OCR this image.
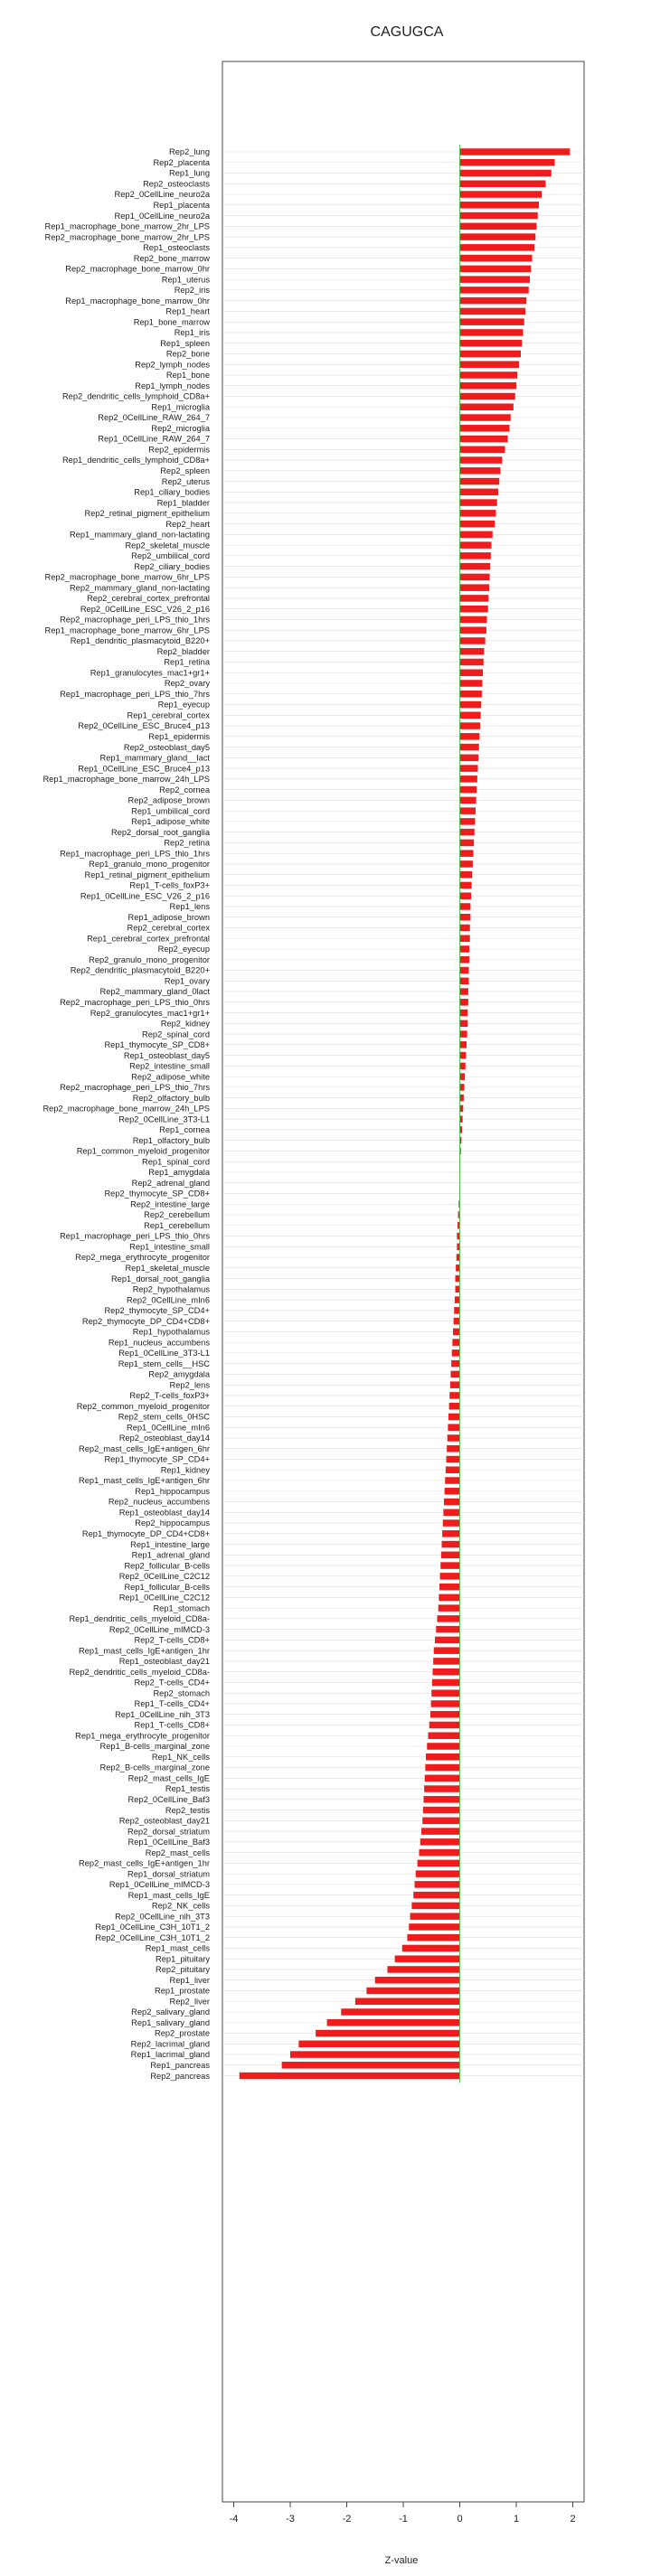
CAGUGCA
Rep2_lung
Rep2_placenta
Rep1_lung
Rep2_osteoclasts
Rep2_0CellLine_neuro2a
Rep1_placenta
Rep1_0CellLine_neuro2a
Rep1_macrophage_bone_marrow_2hr_LPS
Rep2_macrophage_bone_marrow_2hr_LPS
Rep1_osteoclasts
Rep2_bone_marrow
Rep2_macrophage_bone_marrow_0hr
Rep1_uterus
Rep2_iris
Rep1_macrophage_bone_marrow_0hr
Rep1_heart
Rep1_bone_marrow
Rep1_iris
Rep1_spleen
Rep2_bone
Rep2_lymph_nodes
Rep1_bone
Rep1_lymph_nodes
Rep2_dendritic_cells_lymphoid_CD8a+
Rep1_microglia
Rep2_0CellLine_RAW_264_7
Rep2_microglia
Rep1_0CellLine_RAW_264_7
Rep2_epidermis
Rep1_dendritic_cells_lymphoid_CD8a+
Rep2_spleen
Rep2_uterus
Rep1_ciliary_bodies
Rep1_bladder
Rep2_retinal_pigment_epithelium
Rep2_heart
Rep1_mammary_gland_non-lactating
Rep2_skeletal_muscle
Rep2_umbilical_cord
Rep2_ciliary_bodies
Rep2_macrophage_bone_marrow_6hr_LPS
Rep2_mammary_gland_non-lactating
Rep2_cerebral_cortex_prefrontal
Rep2_0CellLine_ESC_V26_2_p16
Rep2_macrophage_peri_LPS_thio_1hrs
Rep1_macrophage_bone_marrow_6hr_LPS
Rep1_dendritic_plasmacytoid_B220+
Rep2_bladder
Rep1_retina
Rep1_granulocytes_mac1+gr1+
Rep2_ovary
Rep1_macrophage_peri_LPS_thio_7hrs
Rep1_eyecup
Rep1_cerebral_cortex
Rep2_0CellLine_ESC_Bruce4_p13
Rep1_epidermis
Rep2_osteoblast_day5
Rep1_mammary_gland__lact
Rep1_0CellLine_ESC_Bruce4_p13
Rep1_macrophage_bone_marrow_24h_LPS
Rep2_cornea
Rep2_adipose_brown
Rep1_umbilical_cord
Rep1_adipose_white
Rep2_dorsal_root_ganglia
Rep2_retina
Rep1_macrophage_peri_LPS_thio_1hrs
Rep1_granulo_mono_progenitor
Rep1_retinal_pigment_epithelium
Rep1_T-cells_foxP3+
Rep1_0CellLine_ESC_V26_2_p16
Rep1_lens
Rep1_adipose_brown
Rep2_cerebral_cortex
Rep1_cerebral_cortex_prefrontal
Rep2_eyecup
Rep2_granulo_mono_progenitor
Rep2_dendritic_plasmacytoid_B220+
Rep1_ovary
Rep2_mammary_gland_0lact
Rep2_macrophage_peri_LPS_thio_0hrs
Rep2_granulocytes_mac1+gr1+
Rep2_kidney
Rep2_spinal_cord
Rep1_thymocyte_SP_CD8+
Rep1_osteoblast_day5
Rep2_intestine_small
Rep2_adipose_white
Rep2_macrophage_peri_LPS_thio_7hrs
Rep2_olfactory_bulb
Rep2_macrophage_bone_marrow_24h_LPS
Rep2_0CellLine_3T3-L1
Rep1_cornea
Rep1_olfactory_bulb
Rep1_common_myeloid_progenitor
Rep1_spinal_cord
Rep1_amygdala
Rep2_adrenal_gland
Rep2_thymocyte_SP_CD8+
Rep2_intestine_large
Rep2_cerebellum
Rep1_cerebellum
Rep1_macrophage_peri_LPS_thio_0hrs
Rep1_intestine_small
Rep2_mega_erythrocyte_progenitor
Rep1_skeletal_muscle
Rep1_dorsal_root_ganglia
Rep2_hypothalamus
Rep2_0CellLine_mIn6
Rep2_thymocyte_SP_CD4+
Rep2_thymocyte_DP_CD4+CD8+
Rep1_hypothalamus
Rep1_nucleus_accumbens
Rep1_0CellLine_3T3-L1
Rep1_stem_cells__HSC
Rep2_amygdala
Rep2_lens
Rep2_T-cells_foxP3+
Rep2_common_myeloid_progenitor
Rep2_stem_cells_0HSC
Rep1_0CellLine_mIn6
Rep2_osteoblast_day14
Rep2_mast_cells_IgE+antigen_6hr
Rep1_thymocyte_SP_CD4+
Rep1_kidney
Rep1_mast_cells_IgE+antigen_6hr
Rep1_hippocampus
Rep2_nucleus_accumbens
Rep1_osteoblast_day14
Rep2_hippocampus
Rep1_thymocyte_DP_CD4+CD8+
Rep1_intestine_large
Rep1_adrenal_gland
Rep2_follicular_B-cells
Rep2_0CellLine_C2C12
Rep1_follicular_B-cells
Rep1_0CellLine_C2C12
Rep1_stomach
Rep1_dendritic_cells_myeloid_CD8a-
Rep2_0CellLine_mIMCD-3
Rep2_T-cells_CD8+
Rep1_mast_cells_IgE+antigen_1hr
Rep1_osteoblast_day21
Rep2_dendritic_cells_myeloid_CD8a-
Rep2_T-cells_CD4+
Rep2_stomach
Rep1_T-cells_CD4+
Rep1_0CellLine_nih_3T3
Rep1_T-cells_CD8+
Rep1_mega_erythrocyte_progenitor
Rep1_B-cells_marginal_zone
Rep1_NK_cells
Rep2_B-cells_marginal_zone
Rep2_mast_cells_IgE
Rep1_testis
Rep2_0CellLine_Baf3
Rep2_testis
Rep2_osteoblast_day21
Rep2_dorsal_striatum
Rep1_0CellLine_Baf3
Rep2_mast_cells
Rep2_mast_cells_IgE+antigen_1hr
Rep1_dorsal_striatum
Rep1_0CellLine_mIMCD-3
Rep1_mast_cells_IgE
Rep2_NK_cells
Rep2_0CellLine_nih_3T3
Rep1_0CellLine_C3H_10T1_2
Rep2_0CellLine_C3H_10T1_2
Rep1_mast_cells
Rep1_pituitary
Rep2_pituitary
Rep1_liver
Rep1_prostate
Rep2_liver
Rep2_salivary_gland
Rep1_salivary_gland
Rep2_prostate
Rep2_lacrimal_gland
Rep1_lacrimal_gland
Rep1_pancreas
Rep2_pancreas
-4	-3	-2	-1	0	1	2
Z-value
